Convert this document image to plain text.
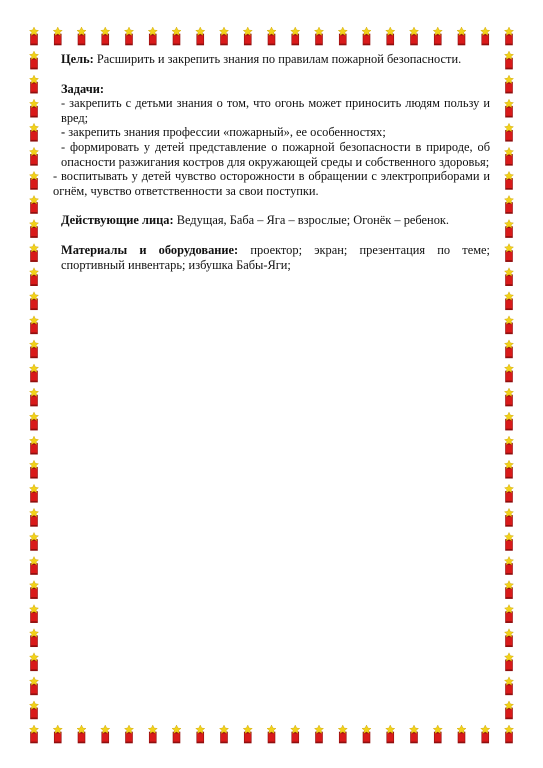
Цель: Расширить и закрепить знания по правилам пожарной безопасности.

Задачи:

- закрепить с детьми знания о том, что огонь может приносить людям пользу и вред;

- закрепить знания профессии «пожарный», ее особенностях;

- формировать у детей представление о пожарной безопасности в природе, об опасности разжигания костров для окружающей среды и собственного здоровья;

- воспитывать у детей чувство осторожности в обращении с электроприборами и огнём, чувство ответственности за свои поступки.

Действующие лица: Ведущая, Баба – Яга – взрослые; Огонёк – ребенок.

Материалы и оборудование: проектор; экран; презентация по теме; спортивный инвентарь; избушка Бабы-Яги;
